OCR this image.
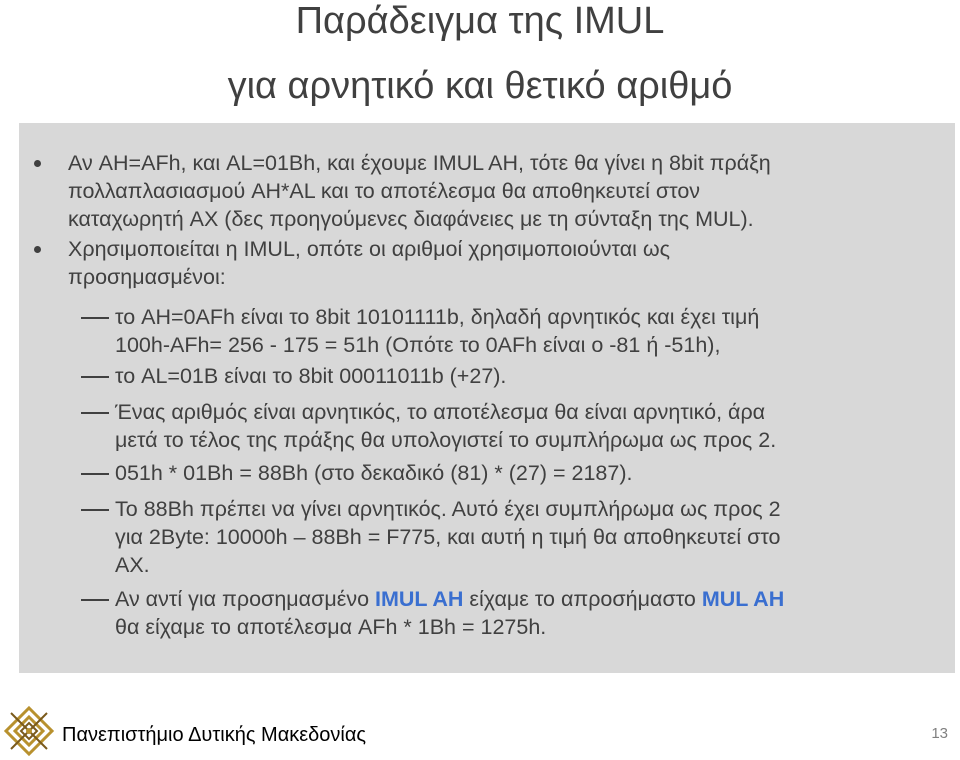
Παράδειγμα της IMUL
για αρνητικό και θετικό αριθμό
Αν AH=AFh, και AL=01Bh, και έχουμε IMUL AH, τότε θα γίνει η 8bit πράξη
πολλαπλασιασμού AH*AL και το αποτέλεσμα θα αποθηκευτεί στον
καταχωρητή AX (δες προηγούμενες διαφάνειες με τη σύνταξη της MUL).
Χρησιμοποιείται η IMUL, οπότε οι αριθμοί χρησιμοποιούνται ως
προσημασμένοι:
το AH=0AFh είναι το 8bit 10101111b, δηλαδή αρνητικός και έχει τιμή
100h-AFh= 256 - 175 = 51h (Οπότε το 0AFh είναι ο -81 ή -51h),
το AL=01B είναι το 8bit 00011011b (+27).
Ένας αριθμός είναι αρνητικός, το αποτέλεσμα θα είναι αρνητικό, άρα
μετά το τέλος της πράξης θα υπολογιστεί το συμπλήρωμα ως προς 2.
051h * 01Bh = 88Bh (στο δεκαδικό (81) * (27) = 2187).
Το 88Bh πρέπει να γίνει αρνητικός. Αυτό έχει συμπλήρωμα ως προς 2
για 2Byte: 10000h – 88Bh = F775, και αυτή η τιμή θα αποθηκευτεί στο
AX.
Αν αντί για προσημασμένο IMUL AH είχαμε το απροσήμαστο MUL AH
θα είχαμε το αποτέλεσμα AFh * 1Bh = 1275h.
Πανεπιστήμιο Δυτικής Μακεδονίας	13
